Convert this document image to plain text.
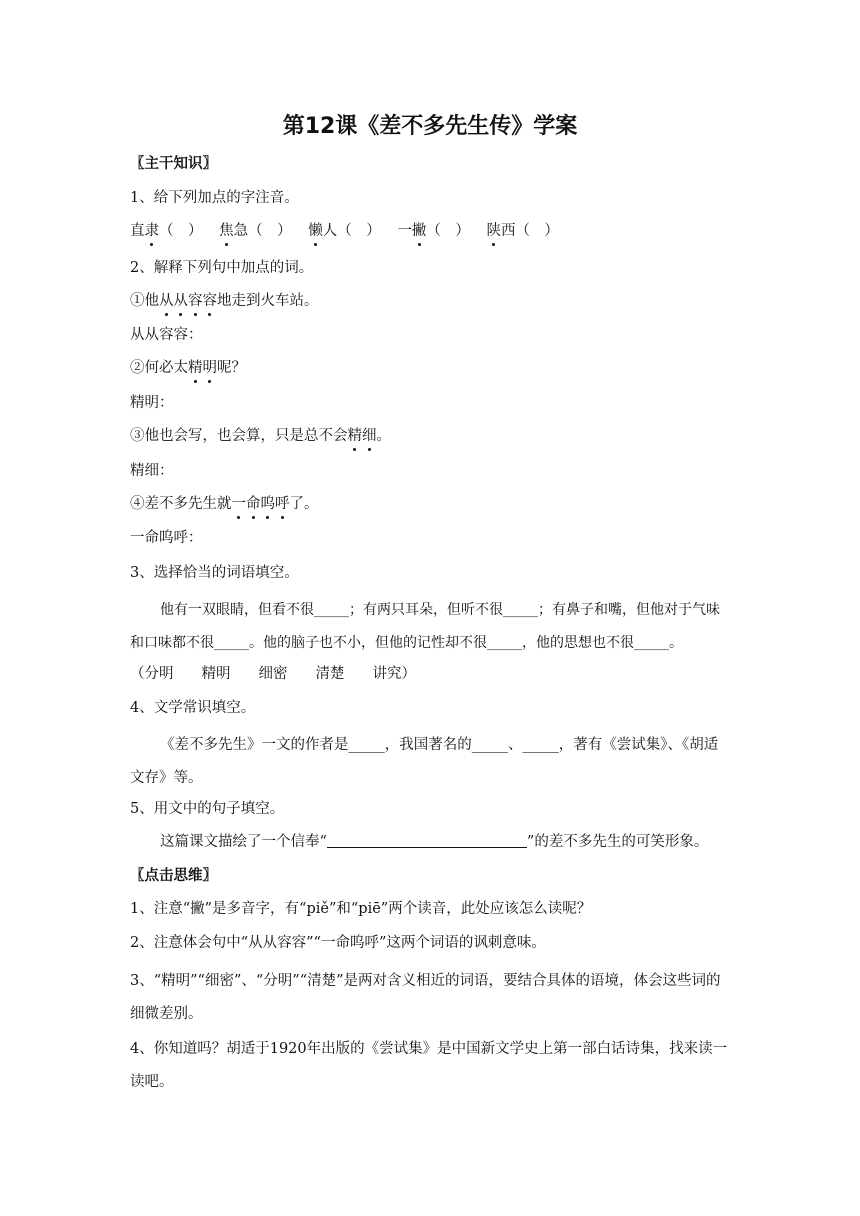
第12课《差不多先生传》学案
〖主干知识〗
1、给下列加点的字注音。
直隶（　） 焦急（　） 懒人（　） 一撇（　） 陕西（　）
2、解释下列句中加点的词。
①他从从容容地走到火车站。
从从容容：
②何必太精明呢？
精明：
③他也会写，也会算，只是总不会精细。
精细：
④差不多先生就一命呜呼了。
一命呜呼：
3、选择恰当的词语填空。
他有一双眼睛，但看不很_____；有两只耳朵，但听不很_____；有鼻子和嘴，但他对于气味和口味都不很_____。他的脑子也不小，但他的记性却不很_____，他的思想也不很_____。
（分明 精明 细密 清楚 讲究）
4、文学常识填空。
《差不多先生》一文的作者是_____，我国著名的_____、_____，著有《尝试集》、《胡适文存》等。
5、用文中的句子填空。
这篇课文描绘了一个信奉“	”的差不多先生的可笑形象。
〖点击思维〗
1、注意“撇”是多音字，有“piě”和“piē”两个读音，此处应该怎么读呢？
2、注意体会句中“从从容容”“一命呜呼”这两个词语的讽刺意味。
3、“精明”“细密”、“分明”“清楚”是两对含义相近的词语，要结合具体的语境，体会这些词的细微差别。
4、你知道吗？胡适于1920年出版的《尝试集》是中国新文学史上第一部白话诗集，找来读一读吧。
